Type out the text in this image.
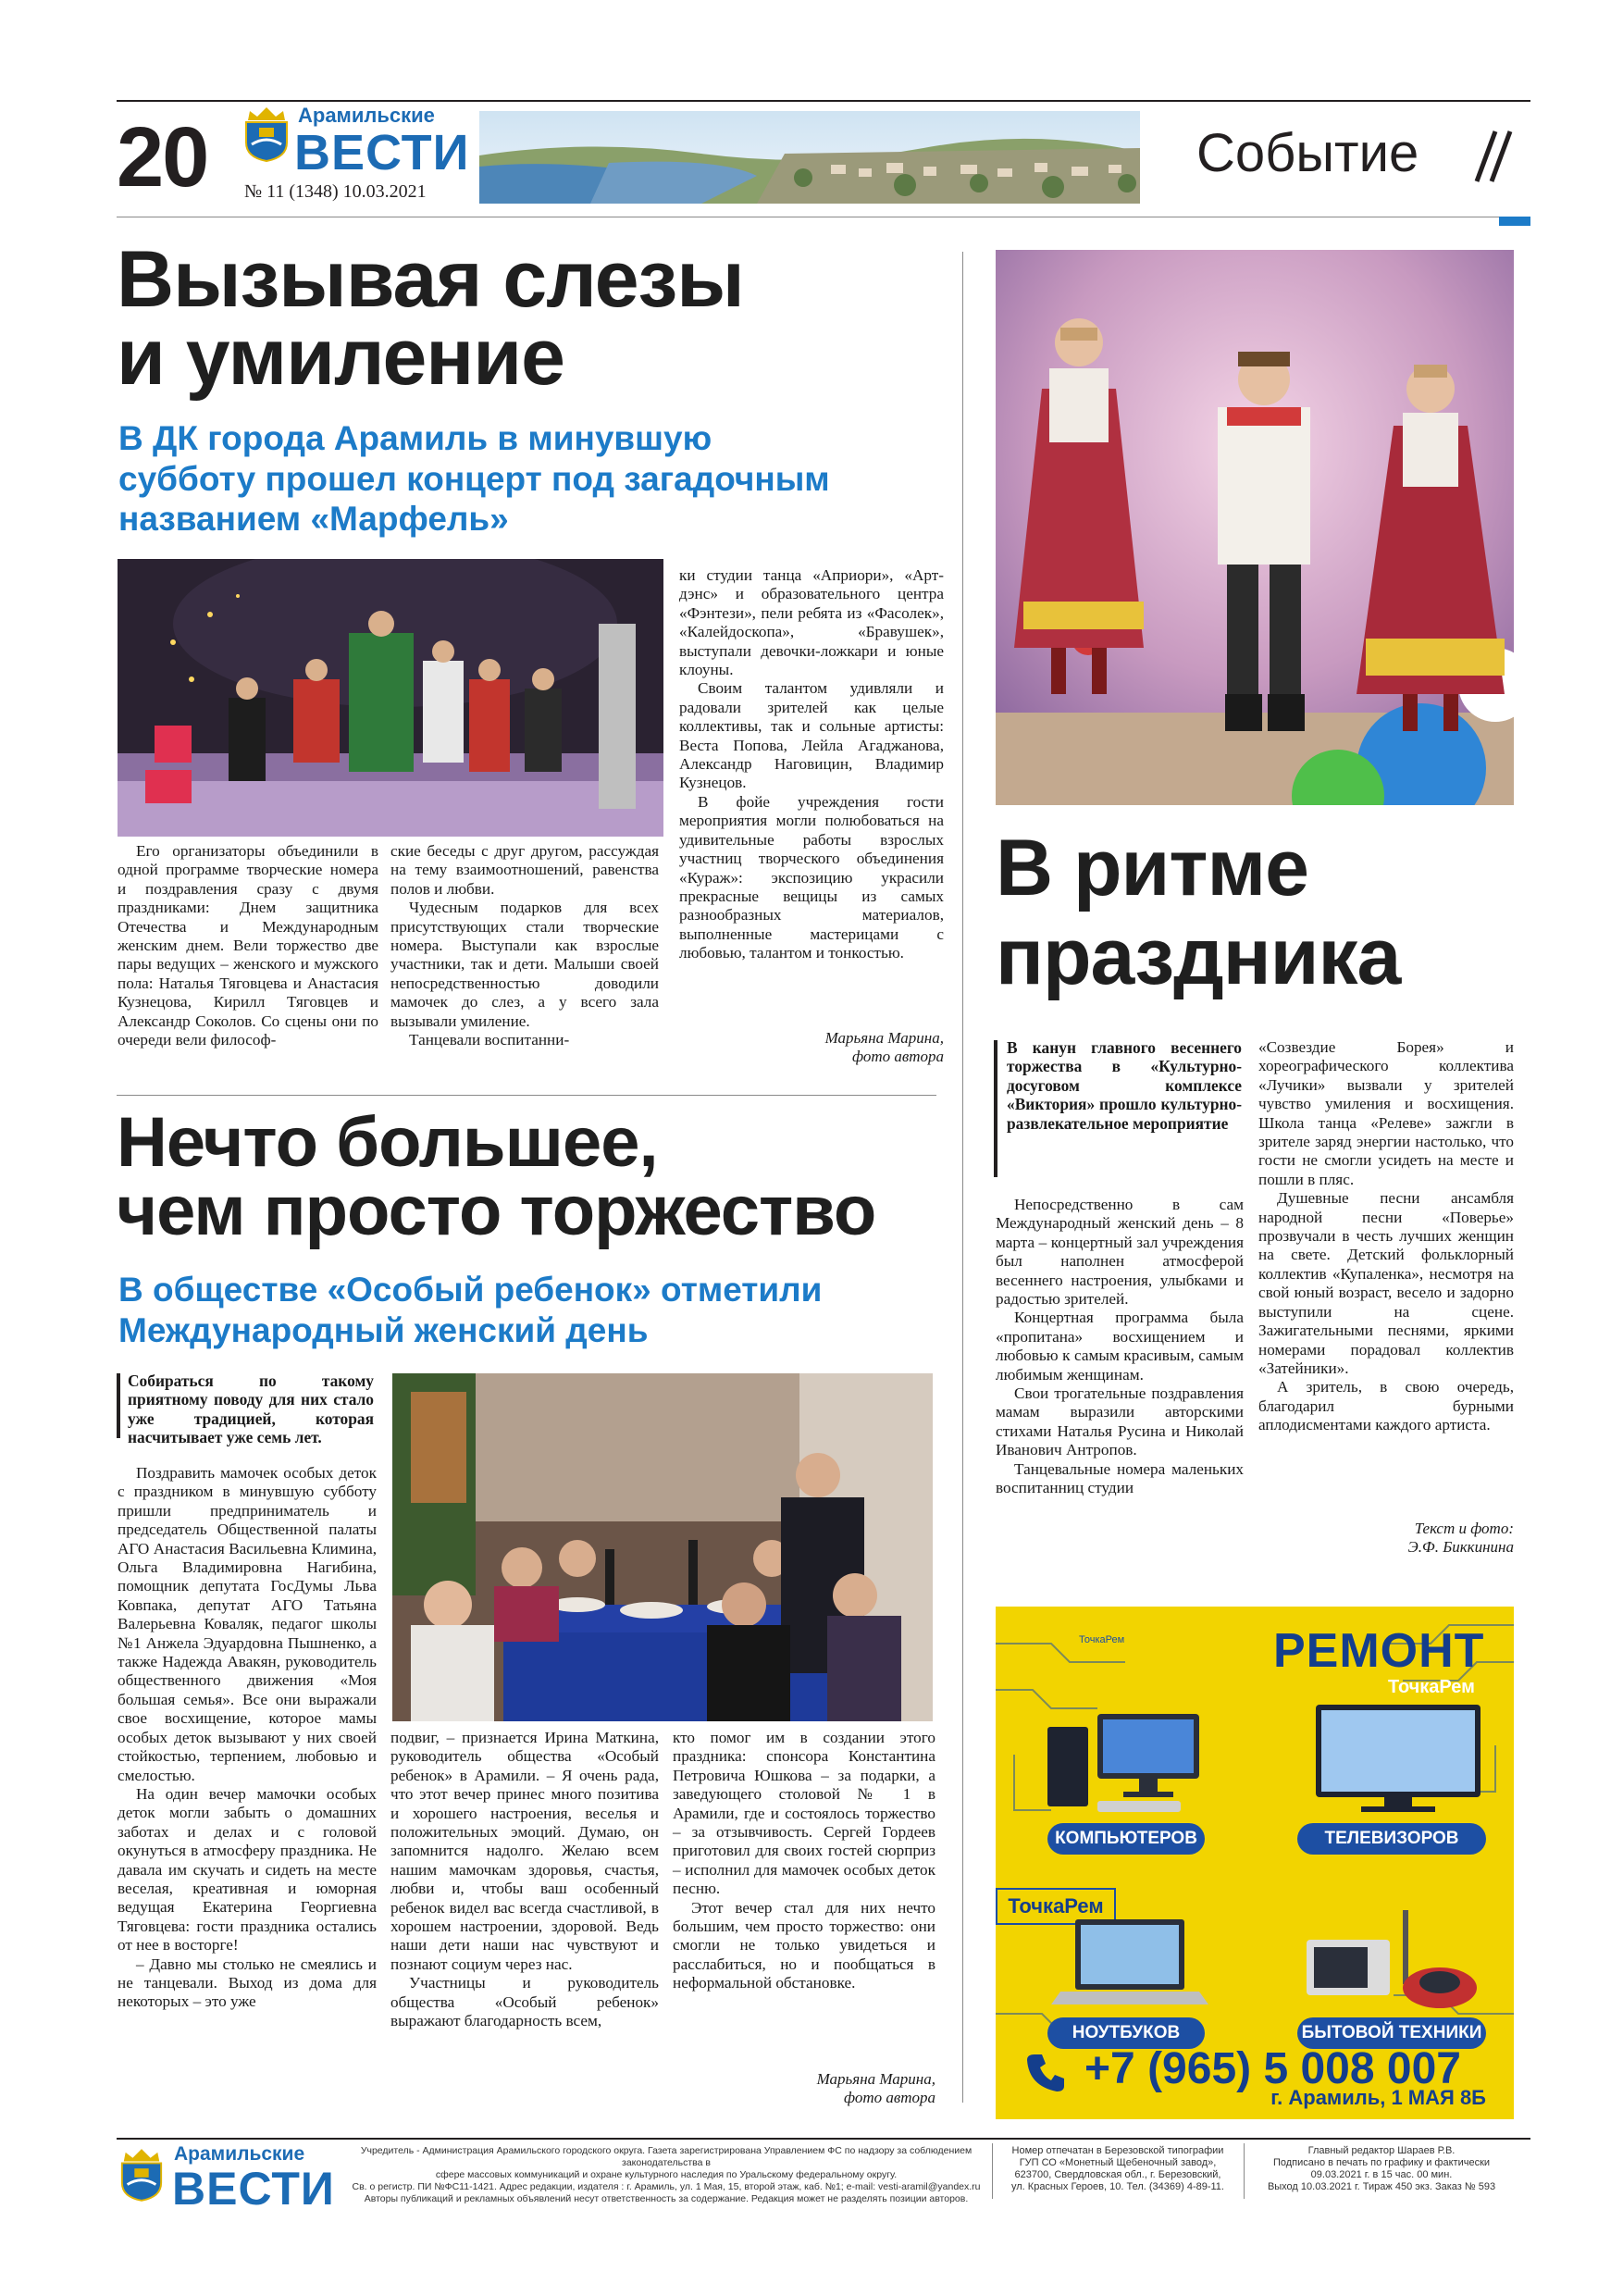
20	Арамильские
ВЕСТИ
№ 11 (1348) 10.03.2021
Событие
Вызывая слезы
и умиление
В ДК города Арамиль в минувшую
субботу прошел концерт под загадочным
названием «Марфель»

Его организаторы объединили в одной программе творческие номера и поздравления сразу с двумя праздниками: Днем защитника Отечества и Международным женским днем. Вели торжество две пары ведущих – женского и мужского пола: Наталья Тяговцева и Анастасия Кузнецова, Кирилл Тяговцев и Александр Соколов. Со сцены они по очереди вели философ-

ские беседы с друг другом, рассуждая на тему взаимоотношений, равенства полов и любви.

Чудесным подарков для всех присутствующих стали творческие номера. Выступали как взрослые участники, так и дети. Малыши своей непосредственностью доводили мамочек до слез, а у всего зала вызывали умиление.

Танцевали воспитанни-

ки студии танца «Априори», «Арт-дэнс» и образовательного центра «Фэнтези», пели ребята из «Фасолек», «Калейдоскопа», «Бравушек», выступали девочки-ложкари и юные клоуны.

Своим талантом удивляли и радовали зрителей как целые коллективы, так и сольные артисты: Веста Попова, Лейла Агаджанова, Александр Наговицин, Владимир Кузнецов.

В фойе учреждения гости мероприятия могли полюбоваться на удивительные работы взрослых участниц творческого объединения «Кураж»: экспозицию украсили прекрасные вещицы из самых разнообразных материалов, выполненные мастерицами с любовью, талантом и тонкостью.

Марьяна Марина,
фото автора
Нечто большее,
чем просто торжество
В обществе «Особый ребенок» отметили
Международный женский день
Собираться по такому приятному поводу для них стало уже традицией, которая насчитывает уже семь лет.

Поздравить мамочек особых деток с праздником в минувшую субботу пришли предприниматель и председатель Общественной палаты АГО Анастасия Васильевна Климина, Ольга Владимировна Нагибина, помощник депутата ГосДумы Льва Ковпака, депутат АГО Татьяна Валерьевна Коваляк, педагог школы №1 Анжела Эдуардовна Пышненко, а также Надежда Авакян, руководитель общественного движения «Моя большая семья». Все они выражали свое восхищение, которое мамы особых деток вызывают у них своей стойкостью, терпением, любовью и смелостью.

На один вечер мамочки особых деток могли забыть о домашних заботах и делах и с головой окунуться в атмосферу праздника. Не давала им скучать и сидеть на месте веселая, креативная и юморная ведущая Екатерина Георгиевна Тяговцева: гости праздника остались от нее в восторге!

– Давно мы столько не смеялись и не танцевали. Выход из дома для некоторых – это уже

подвиг, – признается Ирина Маткина, руководитель общества «Особый ребенок» в Арамили. – Я очень рада, что этот вечер принес много позитива и хорошего настроения, веселья и положительных эмоций. Думаю, он запомнится надолго. Желаю всем нашим мамочкам здоровья, счастья, любви и, чтобы ваш особенный ребенок видел вас всегда счастливой, в хорошем настроении, здоровой. Ведь наши дети наши нас чувствуют и познают социум через нас.

Участницы и руководитель общества «Особый ребенок» выражают благодарность всем,

кто помог им в создании этого праздника: спонсора Константина Петровича Юшкова – за подарки, а заведующего столовой № 1 в Арамили, где и состоялось торжество – за отзывчивость. Сергей Гордеев приготовил для своих гостей сюрприз – исполнил для мамочек особых деток песню.

Этот вечер стал для них нечто большим, чем просто торжество: они смогли не только увидеться и расслабиться, но и пообщаться в неформальной обстановке.

Марьяна Марина,
фото автора
В ритме
праздника
В канун главного весеннего торжества в «Культурно-досуговом комплексе «Виктория» прошло культурно-развлекательное мероприятие

Непосредственно в сам Международный женский день – 8 марта – концертный зал учреждения был наполнен атмосферой весеннего настроения, улыбками и радостью зрителей.

Концертная программа была «пропитана» восхищением и любовью к самым красивым, самым любимым женщинам.

Свои трогательные поздравления мамам выразили авторскими стихами Наталья Русина и Николай Иванович Антропов.

Танцевальные номера маленьких воспитанниц студии

«Созвездие Борея» и хореографического коллектива «Лучики» вызвали у зрителей чувство умиления и восхищения. Школа танца «Релеве» зажгли в зрителе заряд энергии настолько, что гости не смогли усидеть на месте и пошли в пляс.

Душевные песни ансамбля народной песни «Поверье» прозвучали в честь лучших женщин на свете. Детский фольклорный коллектив «Купаленка», несмотря на свой юный возраст, весело и задорно выступили на сцене. Зажигательными песнями, яркими номерами порадовал коллектив «Затейники».

А зритель, в свою очередь, благодарил бурными аплодисментами каждого артиста.

Текст и фото:
Э.Ф. Биккинина
РЕМОНТ
ТочкаРем
ТочкаРем
КОМПЬЮТЕРОВ	ТЕЛЕВИЗОРОВ
ТочкаРем
НОУТБУКОВ	БЫТОВОЙ ТЕХНИКИ
+7 (965) 5 008 007
г. Арамиль, 1 МАЯ 8Б
Арамильские
ВЕСТИ
Учредитель - Администрация Арамильского городского округа. Газета зарегистрирована Управлением ФС по надзору за соблюдением законодательства в
сфере массовых коммуникаций и охране культурного наследия по Уральскому федеральному округу.
Св. о регистр. ПИ №ФС11-1421. Адрес редакции, издателя : г. Арамиль, ул. 1 Мая, 15, второй этаж, каб. №1; e-mail: vesti-aramil@yandex.ru
Авторы публикаций и рекламных объявлений несут ответственность за содержание. Редакция может не разделять позиции авторов.
Номер отпечатан в Березовской типографии
ГУП СО «Монетный Щебеночный завод»,
623700, Свердловская обл., г. Березовский,
ул. Красных Героев, 10. Тел. (34369) 4-89-11.
Главный редактор Шараев Р.В.
Подписано в печать по графику и фактически
09.03.2021 г. в 15 час. 00 мин.
Выход 10.03.2021 г. Тираж 450 экз. Заказ № 593
